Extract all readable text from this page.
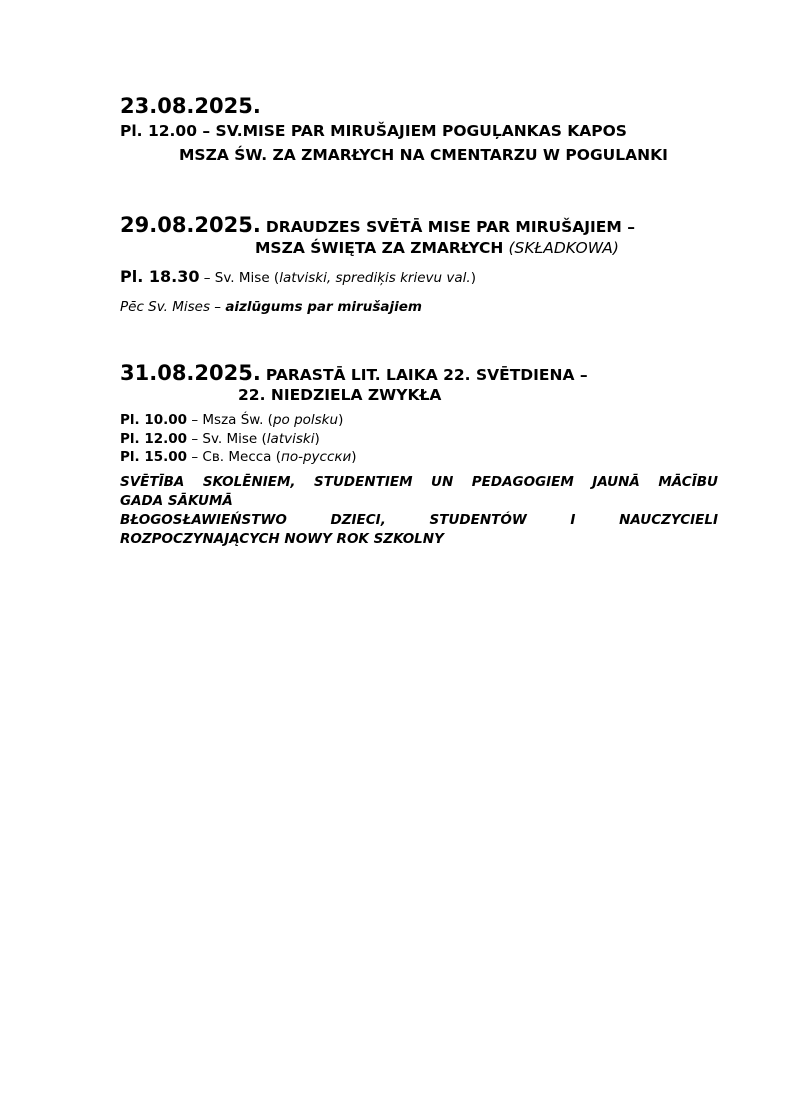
23.08.2025.
Pl. 12.00 – SV.MISE PAR MIRUŠAJIEM POGUĻANKAS KAPOS
MSZA ŚW. ZA ZMARŁYCH NA CMENTARZU W POGULANKI
29.08.2025. DRAUDZES SVĒTĀ MISE PAR MIRUŠAJIEM –
MSZA ŚWIĘTA ZA ZMARŁYCH (SKŁADKOWA)
Pl. 18.30 – Sv. Mise (latviski, sprediķis krievu val.)
Pēc Sv. Mises – aizlūgums par mirušajiem
31.08.2025. PARASTĀ LIT. LAIKA 22. SVĒTDIENA –
22. NIEDZIELA ZWYKŁA
Pl. 10.00 – Msza Św. (po polsku)
Pl. 12.00 – Sv. Mise (latviski)
Pl. 15.00 – Св. Месса (по-русски)
SVĒTĪBA SKOLĒNIEM, STUDENTIEM UN PEDAGOGIEM JAUNĀ MĀCĪBU
GADA SĀKUMĀ
BŁOGOSŁAWIEŃSTWO DZIECI, STUDENTÓW I NAUCZYCIELI
ROZPOCZYNAJĄCYCH NOWY ROK SZKOLNY
